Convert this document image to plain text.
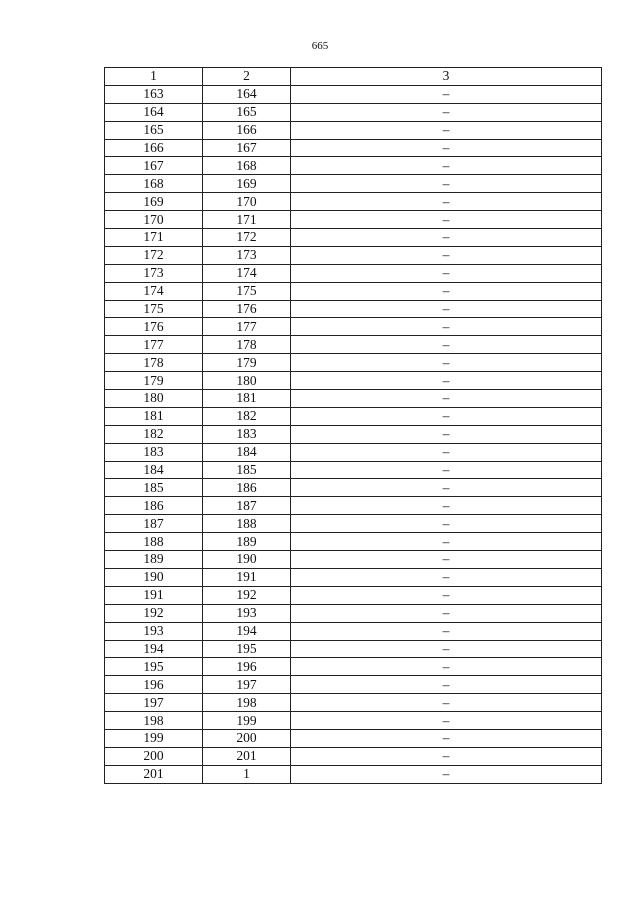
665
1	2	3
163	164	–
164	165	–
165	166	–
166	167	–
167	168	–
168	169	–
169	170	–
170	171	–
171	172	–
172	173	–
173	174	–
174	175	–
175	176	–
176	177	–
177	178	–
178	179	–
179	180	–
180	181	–
181	182	–
182	183	–
183	184	–
184	185	–
185	186	–
186	187	–
187	188	–
188	189	–
189	190	–
190	191	–
191	192	–
192	193	–
193	194	–
194	195	–
195	196	–
196	197	–
197	198	–
198	199	–
199	200	–
200	201	–
201	1	–
